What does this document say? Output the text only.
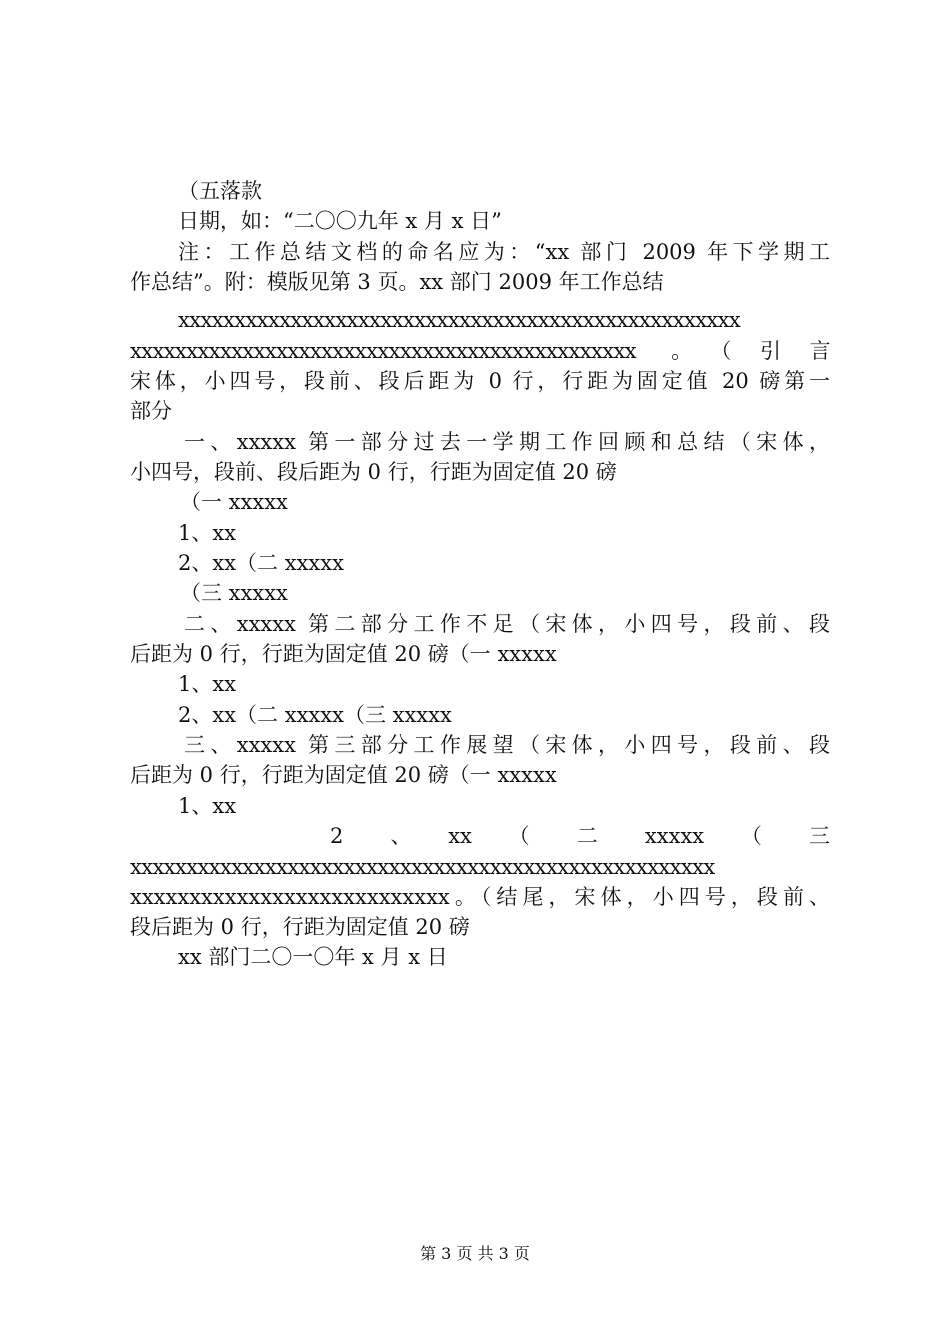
（五落款
日期，如：“二〇〇九年 x 月 x 日”
注：工作总结文档的命名应为：“xx 部门 2009 年下学期工
作总结”。附：模版见第 3 页。xx 部门 2009 年工作总结
xxxxxxxxxxxxxxxxxxxxxxxxxxxxxxxxxxxxxxxxxxxxxxxxxx
xxxxxxxxxxxxxxxxxxxxxxxxxxxxxxxxxxxxxxxxxxxxx 。（引言
宋体，小四号，段前、段后距为 0 行，行距为固定值 20 磅第一
部分
一、xxxxx 第一部分过去一学期工作回顾和总结（宋体，
小四号，段前、段后距为 0 行，行距为固定值 20 磅
（一 xxxxx
1、xx
2、xx（二 xxxxx
（三 xxxxx
二、xxxxx 第二部分工作不足（宋体，小四号，段前、段
后距为 0 行，行距为固定值 20 磅（一 xxxxx
1、xx
2、xx（二 xxxxx（三 xxxxx
三、xxxxx 第三部分工作展望（宋体，小四号，段前、段
后距为 0 行，行距为固定值 20 磅（一 xxxxx
1、xx
2　、　xx　（　二　xxxxx　（　三
xxxxxxxxxxxxxxxxxxxxxxxxxxxxxxxxxxxxxxxxxxxxxxxxxxxx
xxxxxxxxxxxxxxxxxxxxxxxxxxx。（结尾，宋体，小四号，段前、
段后距为 0 行，行距为固定值 20 磅
xx 部门二〇一〇年 x 月 x 日
第 3 页 共 3 页
